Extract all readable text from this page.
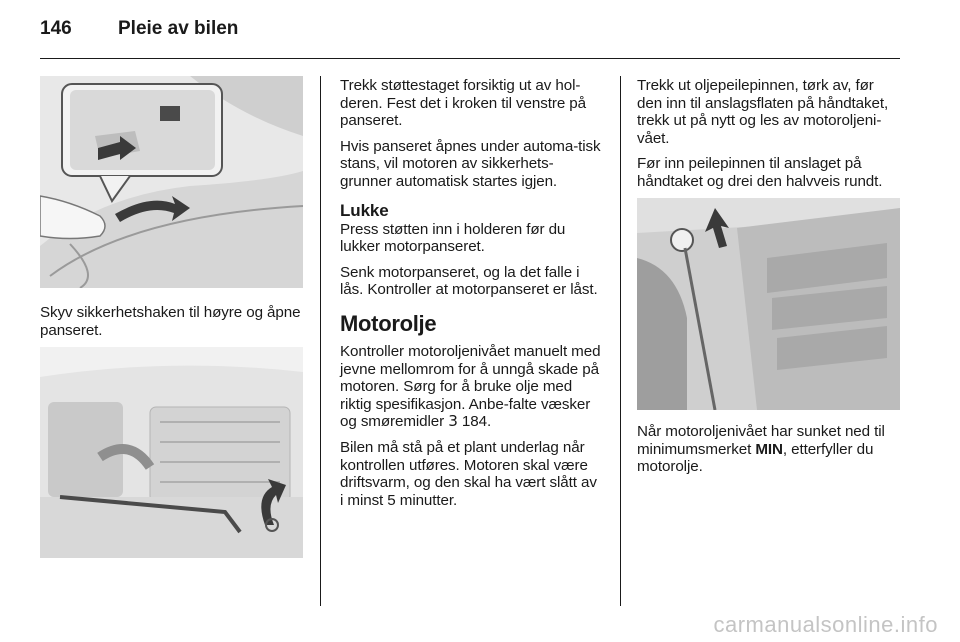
146 Pleie av bilen

Skyv sikkerhetshaken til høyre og åpne panseret.

Trekk støttestaget forsiktig ut av hol-deren. Fest det i kroken til venstre på panseret.

Hvis panseret åpnes under automa-tisk stans, vil motoren av sikkerhets-grunner automatisk startes igjen.

Lukke

Press støtten inn i holderen før du lukker motorpanseret.

Senk motorpanseret, og la det falle i lås. Kontroller at motorpanseret er låst.

Motorolje

Kontroller motoroljenivået manuelt med jevne mellomrom for å unngå skade på motoren. Sørg for å bruke olje med riktig spesifikasjon. Anbe-falte væsker og smøremidler 3 184.

Bilen må stå på et plant underlag når kontrollen utføres. Motoren skal være driftsvarm, og den skal ha vært slått av i minst 5 minutter.

Trekk ut oljepeilepinnen, tørk av, før den inn til anslagsflaten på håndtaket, trekk ut på nytt og les av motoroljeni-vået.

Før inn peilepinnen til anslaget på håndtaket og drei den halvveis rundt.

Når motoroljenivået har sunket ned til minimumsmerket MIN, etterfyller du motorolje.

carmanualsonline.info
